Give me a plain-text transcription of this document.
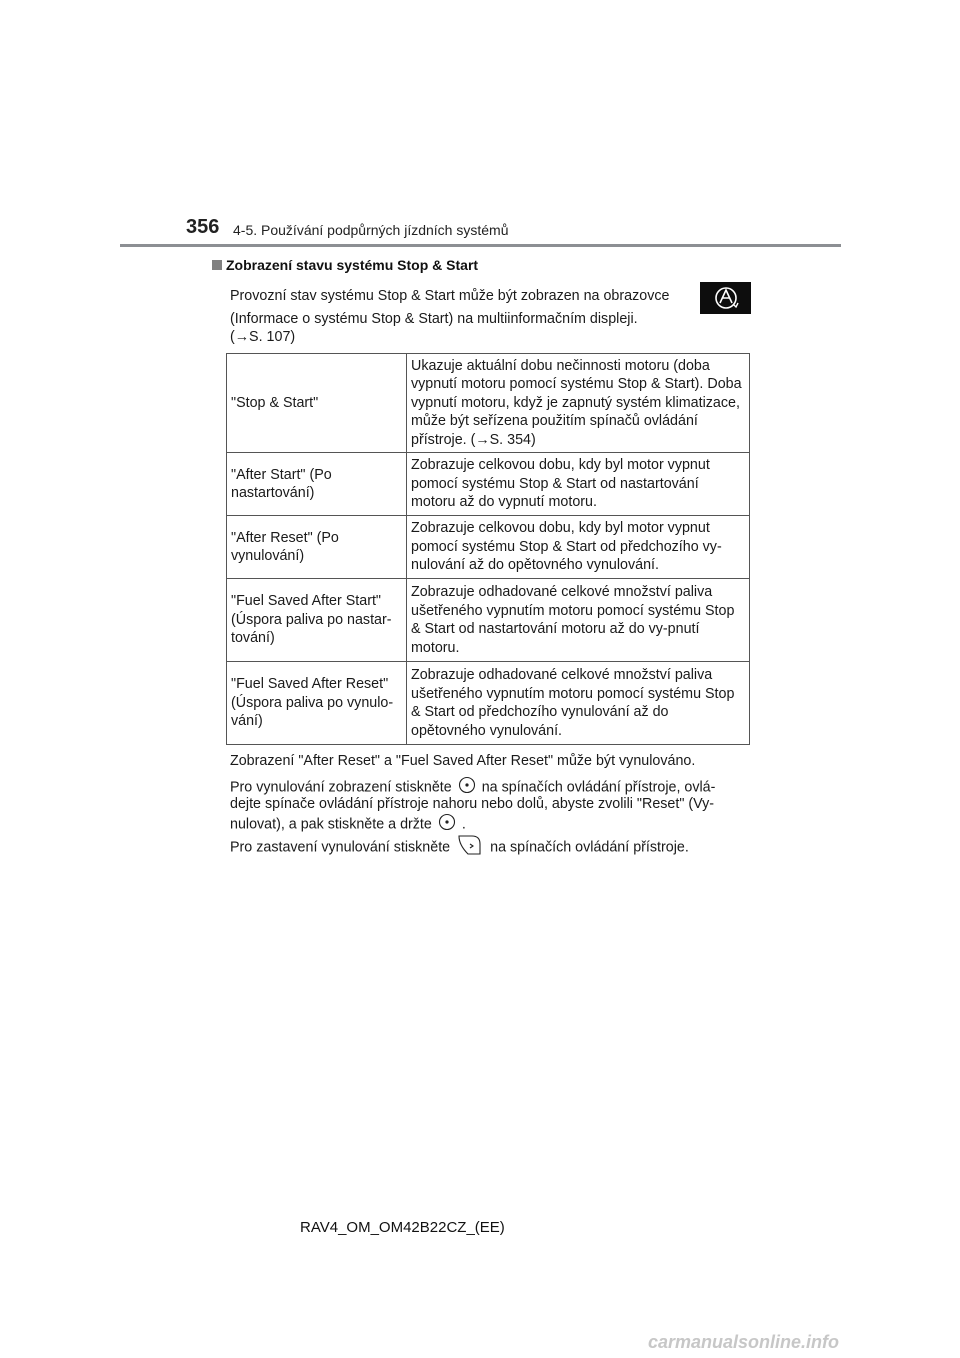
356 4-5. Používání podpůrných jízdních systémů
Zobrazení stavu systému Stop & Start
Provozní stav systému Stop & Start může být zobrazen na obrazovce
(Informace o systému Stop & Start) na multiinformačním displeji.
(→S. 107)
"Stop & Start"	Ukazuje aktuální dobu nečinnosti motoru (doba vypnutí motoru pomocí systému Stop & Start). Doba vypnutí motoru, když je zapnutý systém klimatizace, může být seřízena použitím spínačů ovládání přístroje. (→S. 354)
"After Start" (Po nastartování)	Zobrazuje celkovou dobu, kdy byl motor vypnut pomocí systému Stop & Start od nastartování motoru až do vypnutí motoru.
"After Reset" (Po vynulování)	Zobrazuje celkovou dobu, kdy byl motor vypnut pomocí systému Stop & Start od předchozího vy-nulování až do opětovného vynulování.
"Fuel Saved After Start" (Úspora paliva po nastar-tování)	Zobrazuje odhadované celkové množství paliva ušetřeného vypnutím motoru pomocí systému Stop & Start od nastartování motoru až do vy-pnutí motoru.
"Fuel Saved After Reset" (Úspora paliva po vynulo-vání)	Zobrazuje odhadované celkové množství paliva ušetřeného vypnutím motoru pomocí systému Stop & Start od předchozího vynulování až do opětovného vynulování.
Zobrazení "After Reset" a "Fuel Saved After Reset" může být vynulováno.
Pro vynulování zobrazení stiskněte na spínačích ovládání přístroje, ovlá-
dejte spínače ovládání přístroje nahoru nebo dolů, abyste zvolili "Reset" (Vy-
nulovat), a pak stiskněte a držte .
Pro zastavení vynulování stiskněte	na spínačích ovládání přístroje.
RAV4_OM_OM42B22CZ_(EE)
carmanualsonline.info
